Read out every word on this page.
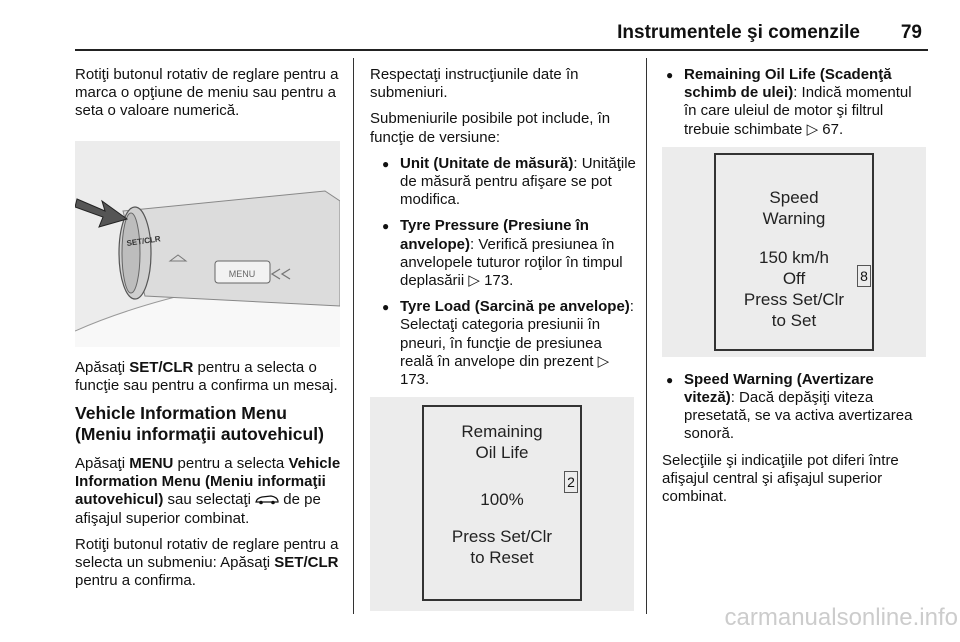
Instrumentele şi comenzile	79

Rotiţi butonul rotativ de reglare pentru a marca o opţiune de meniu sau pentru a seta o valoare numerică.

MENU
SET/CLR

Apăsaţi SET/CLR pentru a selecta o funcţie sau pentru a confirma un mesaj.

Vehicle Information Menu (Meniu informaţii autovehicul)

Apăsaţi MENU pentru a selecta Vehicle Information Menu (Meniu informaţii autovehicul) sau selectaţi  de pe afişajul superior combinat.

Rotiţi butonul rotativ de reglare pentru a selecta un submeniu: Apăsaţi SET/CLR pentru a confirma.

Respectaţi instrucţiunile date în submeniuri.

Submeniurile posibile pot include, în funcţie de versiune:

● Unit (Unitate de măsură): Unităţile de măsură pentru afişare se pot modifica.
● Tyre Pressure (Presiune în anvelope): Verifică presiunea în anvelopele tuturor roţilor în timpul deplasării ▷ 173.
● Tyre Load (Sarcină pe anvelope): Selectaţi categoria presiunii în pneuri, în funcţie de presiunea reală în anvelope din prezent ▷ 173.
Remaining
Oil Life
100%
Press Set/Clr
to Reset
2
● Remaining Oil Life (Scadenţă schimb de ulei): Indică momentul în care uleiul de motor şi filtrul trebuie schimbate ▷ 67.
Speed
Warning
150 km/h
Off
Press Set/Clr
to Set
8
● Speed Warning (Avertizare viteză): Dacă depăşiţi viteza presetată, se va activa avertizarea sonoră.

Selecţiile şi indicaţiile pot diferi între afişajul central şi afişajul superior combinat.

carmanualsonline.info
